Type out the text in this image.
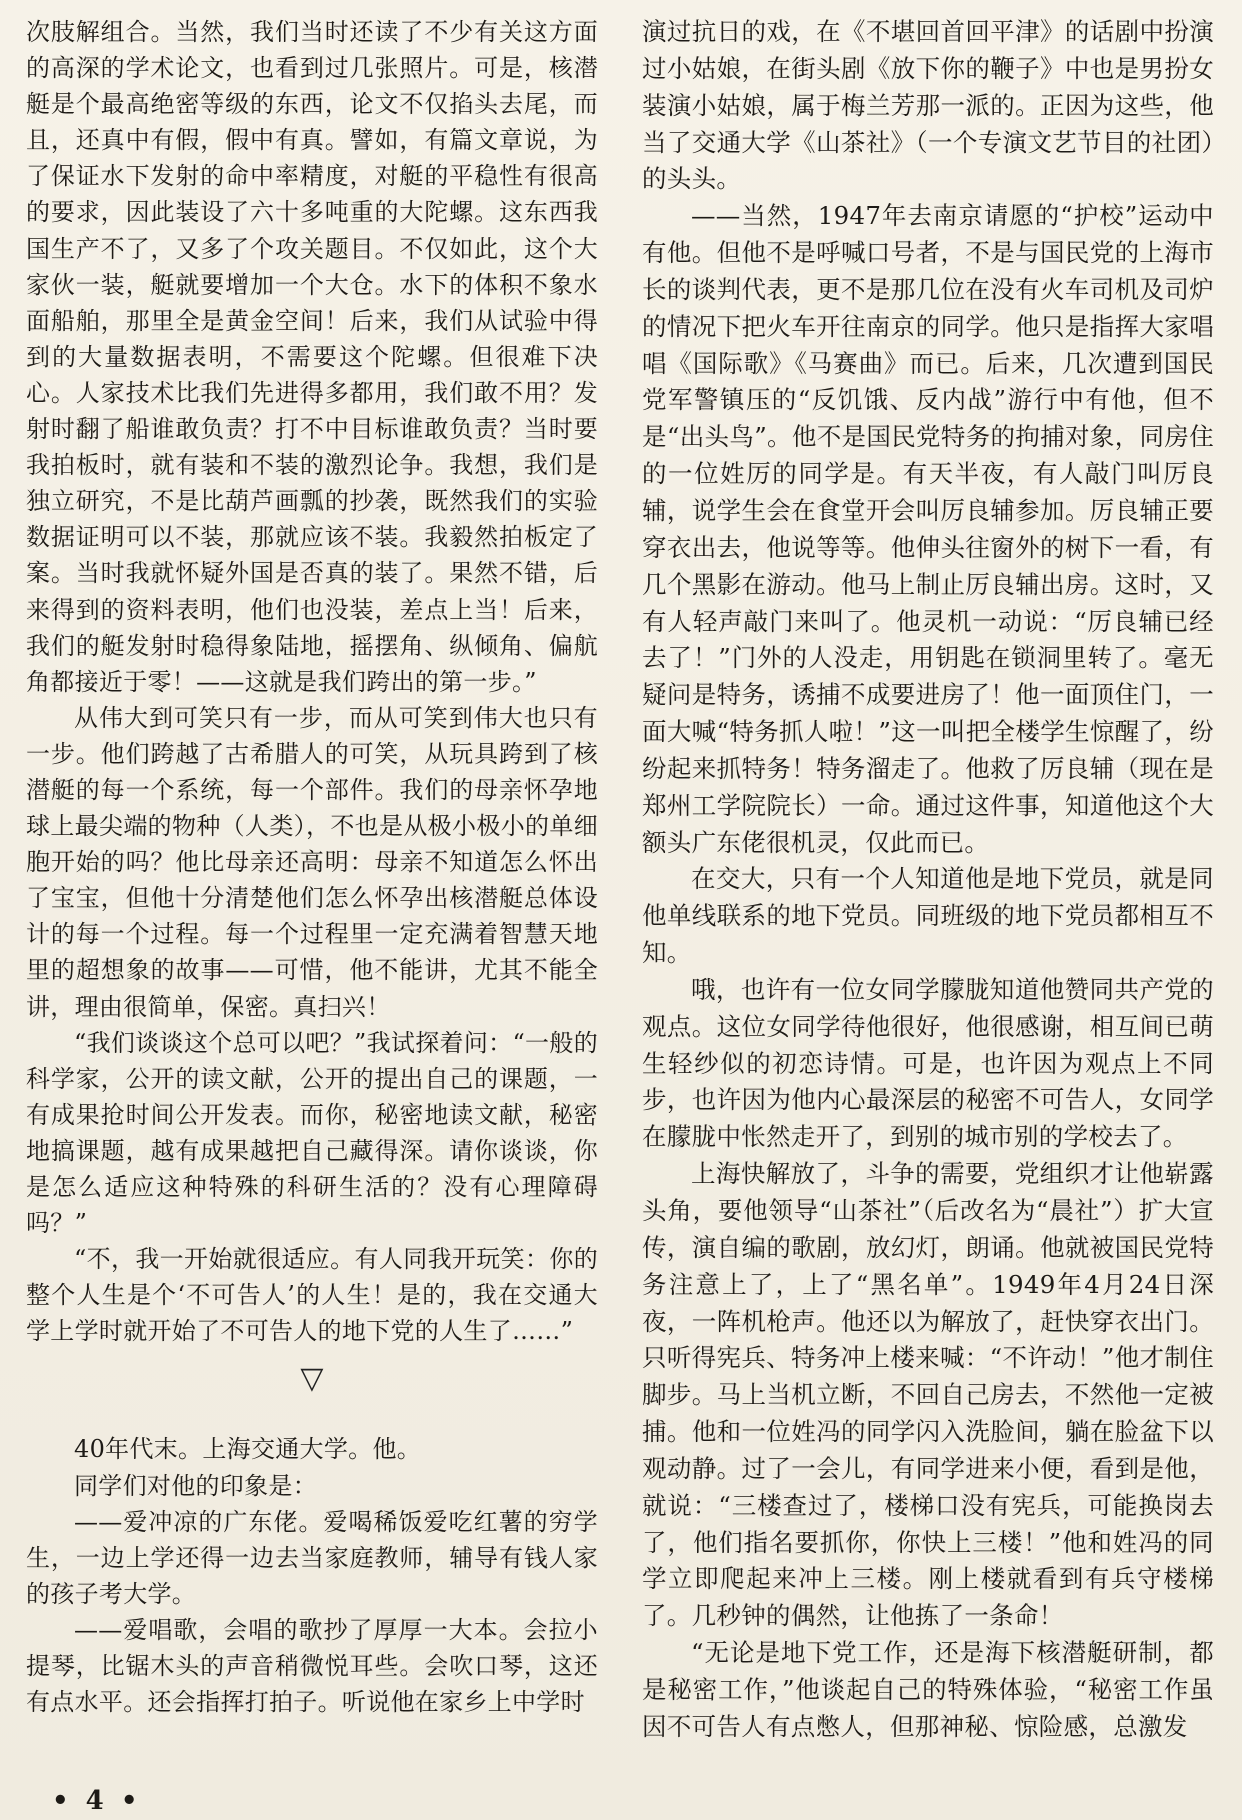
次肢解组合。当然，我们当时还读了不少有关这方面的高深的学术论文，也看到过几张照片。可是，核潜艇是个最高绝密等级的东西，论文不仅掐头去尾，而且，还真中有假，假中有真。譬如，有篇文章说，为了保证水下发射的命中率精度，对艇的平稳性有很高的要求，因此装设了六十多吨重的大陀螺。这东西我国生产不了，又多了个攻关题目。不仅如此，这个大家伙一装，艇就要增加一个大仓。水下的体积不象水面船舶，那里全是黄金空间！后来，我们从试验中得到的大量数据表明，不需要这个陀螺。但很难下决心。人家技术比我们先进得多都用，我们敢不用？发射时翻了船谁敢负责？打不中目标谁敢负责？当时要我拍板时，就有装和不装的激烈论争。我想，我们是独立研究，不是比葫芦画瓢的抄袭，既然我们的实验数据证明可以不装，那就应该不装。我毅然拍板定了案。当时我就怀疑外国是否真的装了。果然不错，后来得到的资料表明，他们也没装，差点上当！后来，我们的艇发射时稳得象陆地，摇摆角、纵倾角、偏航角都接近于零！——这就是我们跨出的第一步。”

从伟大到可笑只有一步，而从可笑到伟大也只有一步。他们跨越了古希腊人的可笑，从玩具跨到了核潜艇的每一个系统，每一个部件。我们的母亲怀孕地球上最尖端的物种（人类），不也是从极小极小的单细胞开始的吗？他比母亲还高明：母亲不知道怎么怀出了宝宝，但他十分清楚他们怎么怀孕出核潜艇总体设计的每一个过程。每一个过程里一定充满着智慧天地里的超想象的故事——可惜，他不能讲，尤其不能全讲，理由很简单，保密。真扫兴！

“我们谈谈这个总可以吧？”我试探着问：“一般的科学家，公开的读文献，公开的提出自己的课题，一有成果抢时间公开发表。而你，秘密地读文献，秘密地搞课题，越有成果越把自己藏得深。请你谈谈，你是怎么适应这种特殊的科研生活的？没有心理障碍吗？”

“不，我一开始就很适应。有人同我开玩笑：你的整个人生是个‘不可告人’的人生！是的，我在交通大学上学时就开始了不可告人的地下党的人生了……”

▽

40年代末。上海交通大学。他。

同学们对他的印象是：

——爱冲凉的广东佬。爱喝稀饭爱吃红薯的穷学生，一边上学还得一边去当家庭教师，辅导有钱人家的孩子考大学。

——爱唱歌，会唱的歌抄了厚厚一大本。会拉小提琴，比锯木头的声音稍微悦耳些。会吹口琴，这还有点水平。还会指挥打拍子。听说他在家乡上中学时

演过抗日的戏，在《不堪回首回平津》的话剧中扮演过小姑娘，在街头剧《放下你的鞭子》中也是男扮女装演小姑娘，属于梅兰芳那一派的。正因为这些，他当了交通大学《山茶社》（一个专演文艺节目的社团）的头头。

——当然，1947年去南京请愿的“护校”运动中有他。但他不是呼喊口号者，不是与国民党的上海市长的谈判代表，更不是那几位在没有火车司机及司炉的情况下把火车开往南京的同学。他只是指挥大家唱唱《国际歌》《马赛曲》而已。后来，几次遭到国民党军警镇压的“反饥饿、反内战”游行中有他，但不是“出头鸟”。他不是国民党特务的拘捕对象，同房住的一位姓厉的同学是。有天半夜，有人敲门叫厉良辅，说学生会在食堂开会叫厉良辅参加。厉良辅正要穿衣出去，他说等等。他伸头往窗外的树下一看，有几个黑影在游动。他马上制止厉良辅出房。这时，又有人轻声敲门来叫了。他灵机一动说：“厉良辅已经去了！”门外的人没走，用钥匙在锁洞里转了。毫无疑问是特务，诱捕不成要进房了！他一面顶住门，一面大喊“特务抓人啦！”这一叫把全楼学生惊醒了，纷纷起来抓特务！特务溜走了。他救了厉良辅（现在是郑州工学院院长）一命。通过这件事，知道他这个大额头广东佬很机灵，仅此而已。

在交大，只有一个人知道他是地下党员，就是同他单线联系的地下党员。同班级的地下党员都相互不知。

哦，也许有一位女同学朦胧知道他赞同共产党的观点。这位女同学待他很好，他很感谢，相互间已萌生轻纱似的初恋诗情。可是，也许因为观点上不同步，也许因为他内心最深层的秘密不可告人，女同学在朦胧中怅然走开了，到别的城市别的学校去了。

上海快解放了，斗争的需要，党组织才让他崭露头角，要他领导“山茶社”（后改名为“晨社”）扩大宣传，演自编的歌剧，放幻灯，朗诵。他就被国民党特务注意上了，上了“黑名单”。1949年4月24日深夜，一阵机枪声。他还以为解放了，赶快穿衣出门。只听得宪兵、特务冲上楼来喊：“不许动！”他才制住脚步。马上当机立断，不回自己房去，不然他一定被捕。他和一位姓冯的同学闪入洗脸间，躺在脸盆下以观动静。过了一会儿，有同学进来小便，看到是他，就说：“三楼查过了，楼梯口没有宪兵，可能换岗去了，他们指名要抓你，你快上三楼！”他和姓冯的同学立即爬起来冲上三楼。刚上楼就看到有兵守楼梯了。几秒钟的偶然，让他拣了一条命！

“无论是地下党工作，还是海下核潜艇研制，都是秘密工作，”他谈起自己的特殊体验，“秘密工作虽因不可告人有点憋人，但那神秘、惊险感，总激发

• 4 •
